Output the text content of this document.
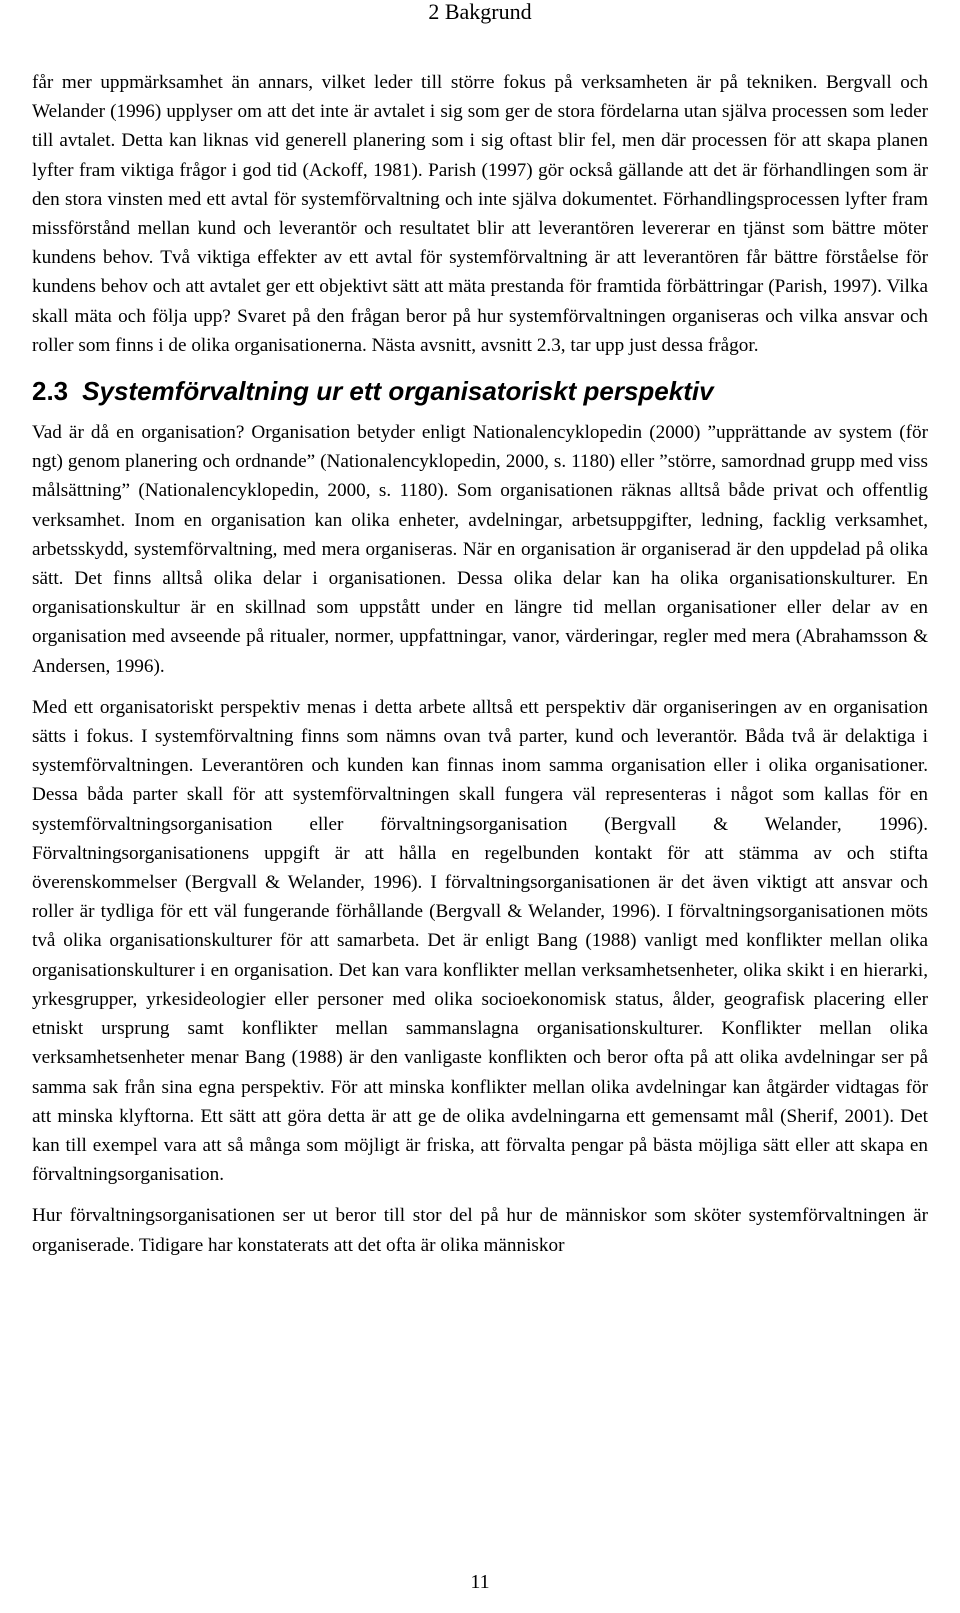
2 Bakgrund

får mer uppmärksamhet än annars, vilket leder till större fokus på verksamheten är på tekniken. Bergvall och Welander (1996) upplyser om att det inte är avtalet i sig som ger de stora fördelarna utan själva processen som leder till avtalet. Detta kan liknas vid generell planering som i sig oftast blir fel, men där processen för att skapa planen lyfter fram viktiga frågor i god tid (Ackoff, 1981). Parish (1997) gör också gällande att det är förhandlingen som är den stora vinsten med ett avtal för systemförvaltning och inte själva dokumentet. Förhandlingsprocessen lyfter fram missförstånd mellan kund och leverantör och resultatet blir att leverantören levererar en tjänst som bättre möter kundens behov. Två viktiga effekter av ett avtal för systemförvaltning är att leverantören får bättre förståelse för kundens behov och att avtalet ger ett objektivt sätt att mäta prestanda för framtida förbättringar (Parish, 1997). Vilka skall mäta och följa upp? Svaret på den frågan beror på hur systemförvaltningen organiseras och vilka ansvar och roller som finns i de olika organisationerna. Nästa avsnitt, avsnitt 2.3, tar upp just dessa frågor.

2.3 Systemförvaltning ur ett organisatoriskt perspektiv

Vad är då en organisation? Organisation betyder enligt Nationalencyklopedin (2000) ”upprättande av system (för ngt) genom planering och ordnande” (Nationalencyklopedin, 2000, s. 1180) eller ”större, samordnad grupp med viss målsättning” (Nationalencyklopedin, 2000, s. 1180). Som organisationen räknas alltså både privat och offentlig verksamhet. Inom en organisation kan olika enheter, avdelningar, arbetsuppgifter, ledning, facklig verksamhet, arbetsskydd, systemförvaltning, med mera organiseras. När en organisation är organiserad är den uppdelad på olika sätt. Det finns alltså olika delar i organisationen. Dessa olika delar kan ha olika organisationskulturer. En organisationskultur är en skillnad som uppstått under en längre tid mellan organisationer eller delar av en organisation med avseende på ritualer, normer, uppfattningar, vanor, värderingar, regler med mera (Abrahamsson & Andersen, 1996).

Med ett organisatoriskt perspektiv menas i detta arbete alltså ett perspektiv där organiseringen av en organisation sätts i fokus. I systemförvaltning finns som nämns ovan två parter, kund och leverantör. Båda två är delaktiga i systemförvaltningen. Leverantören och kunden kan finnas inom samma organisation eller i olika organisationer. Dessa båda parter skall för att systemförvaltningen skall fungera väl representeras i något som kallas för en systemförvaltningsorganisation eller förvaltningsorganisation (Bergvall & Welander, 1996). Förvaltningsorganisationens uppgift är att hålla en regelbunden kontakt för att stämma av och stifta överenskommelser (Bergvall & Welander, 1996). I förvaltningsorganisationen är det även viktigt att ansvar och roller är tydliga för ett väl fungerande förhållande (Bergvall & Welander, 1996). I förvaltningsorganisationen möts två olika organisationskulturer för att samarbeta. Det är enligt Bang (1988) vanligt med konflikter mellan olika organisationskulturer i en organisation. Det kan vara konflikter mellan verksamhetsenheter, olika skikt i en hierarki, yrkesgrupper, yrkesideologier eller personer med olika socioekonomisk status, ålder, geografisk placering eller etniskt ursprung samt konflikter mellan sammanslagna organisationskulturer. Konflikter mellan olika verksamhetsenheter menar Bang (1988) är den vanligaste konflikten och beror ofta på att olika avdelningar ser på samma sak från sina egna perspektiv. För att minska konflikter mellan olika avdelningar kan åtgärder vidtagas för att minska klyftorna. Ett sätt att göra detta är att ge de olika avdelningarna ett gemensamt mål (Sherif, 2001). Det kan till exempel vara att så många som möjligt är friska, att förvalta pengar på bästa möjliga sätt eller att skapa en förvaltningsorganisation.

Hur förvaltningsorganisationen ser ut beror till stor del på hur de människor som sköter systemförvaltningen är organiserade. Tidigare har konstaterats att det ofta är olika människor

11
